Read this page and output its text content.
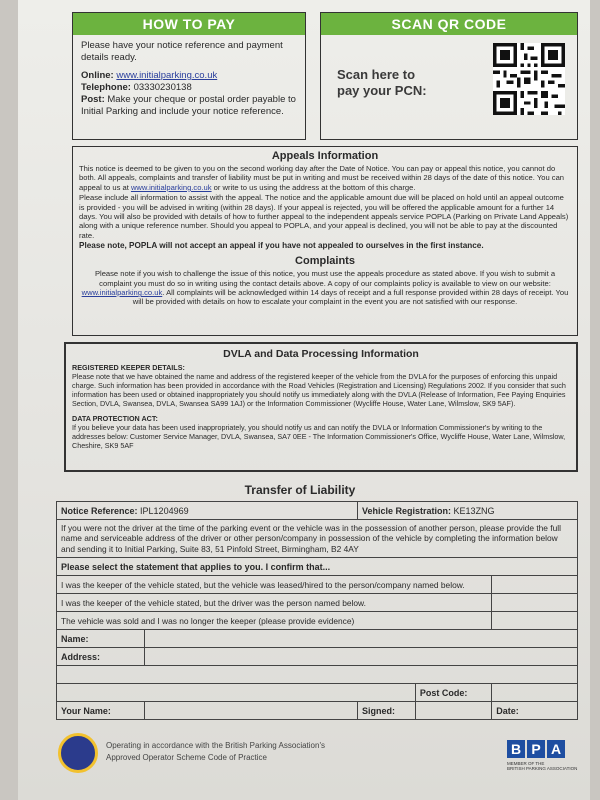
HOW TO PAY
Please have your notice reference and payment details ready.
Online: www.initialparking.co.uk
Telephone: 03330230138
Post: Make your cheque or postal order payable to Initial Parking and include your notice reference.
SCAN QR CODE
Scan here to
pay your PCN:
Appeals Information
This notice is deemed to be given to you on the second working day after the Date of Notice. You can pay or appeal this notice, you cannot do both. All appeals, complaints and transfer of liability must be put in writing and must be received within 28 days of the date of this notice. You can appeal to us at www.initialparking.co.uk or write to us using the address at the bottom of this charge.
Please include all information to assist with the appeal. The notice and the applicable amount due will be placed on hold until an appeal outcome is provided - you will be advised in writing (within 28 days). If your appeal is rejected, you will be offered the applicable amount for a further 14 days. You will also be provided with details of how to further appeal to the independent appeals service POPLA (Parking on Private Land Appeals) along with a unique reference number. Should you appeal to POPLA, and your appeal is declined, you will not be able to pay at the discounted rate.
Please note, POPLA will not accept an appeal if you have not appealed to ourselves in the first instance.
Complaints
Please note if you wish to challenge the issue of this notice, you must use the appeals procedure as stated above. If you wish to submit a complaint you must do so in writing using the contact details above. A copy of our complaints policy is available to view on our website: www.initialparking.co.uk. All complaints will be acknowledged within 14 days of receipt and a full response provided within 28 days of receipt. You will be provided with details on how to escalate your complaint in the event you are not satisfied with our response.
DVLA and Data Processing Information
REGISTERED KEEPER DETAILS:
Please note that we have obtained the name and address of the registered keeper of the vehicle from the DVLA for the purposes of enforcing this unpaid charge. Such information has been provided in accordance with the Road Vehicles (Registration and Licensing) Regulations 2002. If you consider that such information has been used or obtained inappropriately you should notify us immediately along with the DVLA (Release of Information, Fee Paying Enquiries Section, DVLA, Swansea, DVLA, Swansea SA99 1AJ) or the Information Commissioner (Wycliffe House, Water Lane, Wilmslow, SK9 5AF).
DATA PROTECTION ACT:
If you believe your data has been used inappropriately, you should notify us and can notify the DVLA or Information Commissioner's by writing to the addresses below: Customer Service Manager, DVLA, Swansea, SA7 0EE - The Information Commissioner's Office, Wycliffe House, Water Lane, Wilmslow, Cheshire, SK9 5AF
Transfer of Liability
Notice Reference: IPL1204969		Vehicle Registration: KE13ZNG		
If you were not the driver at the time of the parking event or the vehicle was in the possession of another person, please provide the full name and serviceable address of the driver or other person/company in possession of the vehicle by completing the information below and sending it to Initial Parking, Suite 83, 51 Pinfold Street, Birmingham, B2 4AY				
Please select the statement that applies to you. I confirm that...				
I was the keeper of the vehicle stated, but the vehicle was leased/hired to the person/company named below.				
I was the keeper of the vehicle stated, but the driver was the person named below.				
The vehicle was sold and I was no longer the keeper (please provide evidence)				
Name:				
Address:				

			Post Code:	
Your Name:		Signed:		Date:
Operating in accordance with the British Parking Association's
Approved Operator Scheme Code of Practice
B P A
MEMBER OF THE
BRITISH PARKING ASSOCIATION
